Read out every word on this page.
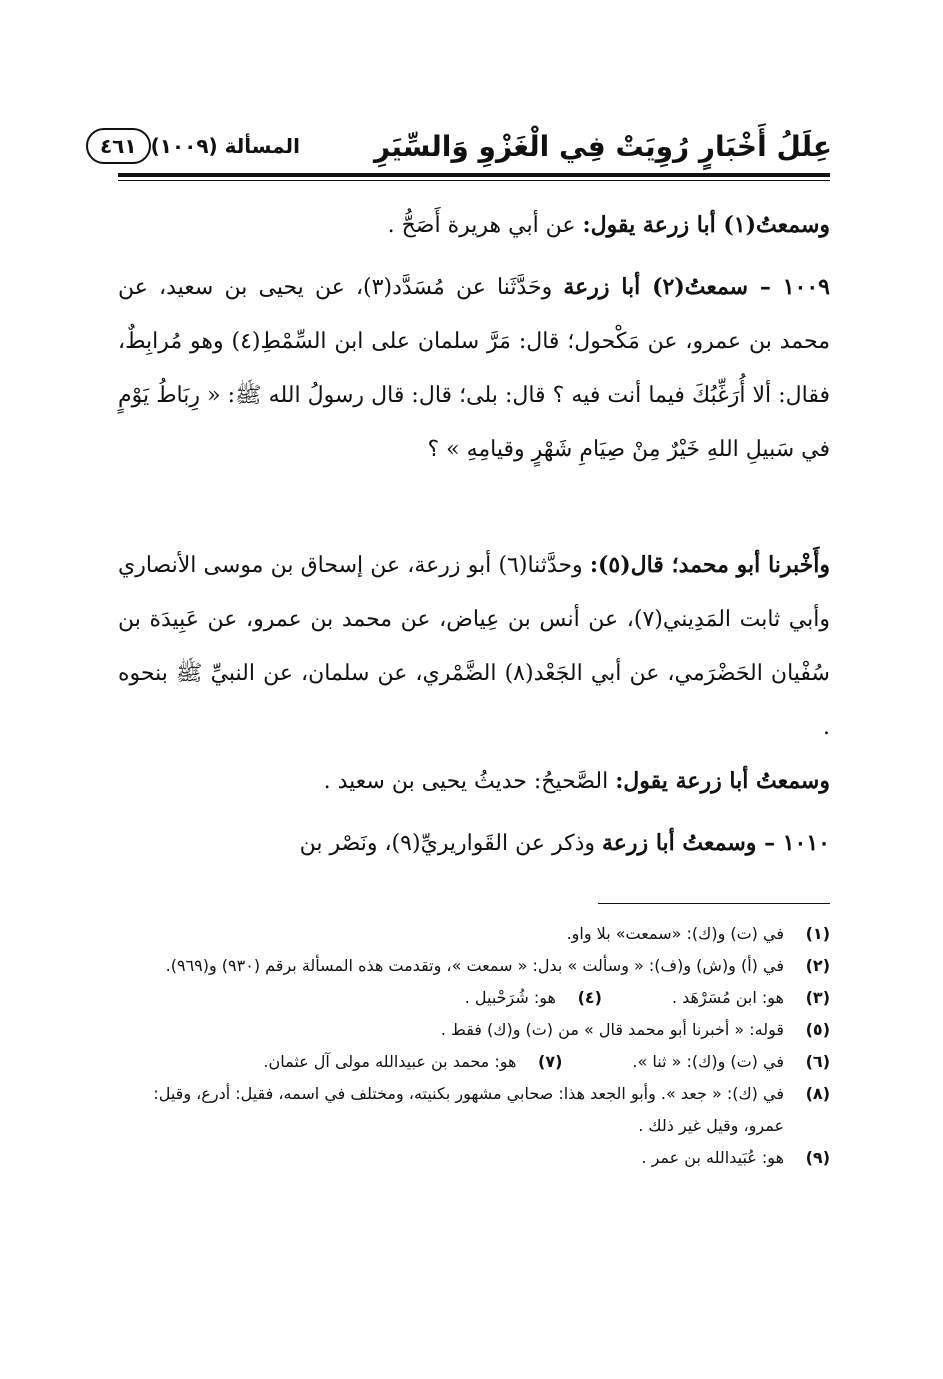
عِلَلُ أَخْبَارٍ رُوِيَتْ فِي الْغَزْوِ وَالسِّيَرِ
المسألة (١٠٠٩)
٤٦١
وسمعتُ(١) أبا زرعة يقول: عن أبي هريرة أَصَحُّ .
١٠٠٩ – سمعتُ(٢) أبا زرعة وحَدَّثَنا عن مُسَدَّد(٣)، عن يحيى بن سعيد، عن محمد بن عمرو، عن مَكْحول؛ قال: مَرَّ سلمان على ابن السِّمْطِ(٤) وهو مُرابِطٌ، فقال: ألا أُرَغِّبُكَ فيما أنت فيه ؟ قال: بلى؛ قال: قال رسولُ الله ﷺ: « رِبَاطُ يَوْمٍ في سَبيلِ اللهِ خَيْرٌ مِنْ صِيَامِ شَهْرٍ وقيامِهِ » ؟
وأَخْبرنا أبو محمد؛ قال(٥): وحدَّثنا(٦) أبو زرعة، عن إسحاق بن موسى الأنصاري وأبي ثابت المَدِيني(٧)، عن أنس بن عِياض، عن محمد بن عمرو، عن عَبِيدَة بن سُفْيان الحَضْرَمي، عن أبي الجَعْد(٨) الضَّمْري، عن سلمان، عن النبيِّ ﷺ بنحوه .
وسمعتُ أبا زرعة يقول: الصَّحيحُ: حديثُ يحيى بن سعيد .
١٠١٠ – وسمعتُ أبا زرعة وذكر عن القَواريريِّ(٩)، ونَصْر بن
(١)
في (ت) و(ك): «سمعت» بلا واو.
(٢)
في (أ) و(ش) و(ف): « وسألت » بدل: « سمعت »، وتقدمت هذه المسألة برقم (٩٣٠) و(٩٦٩).
(٣)
هو: ابن مُسَرْهَد .
(٤)
هو: شُرَحْبيل .
(٥)
قوله: « أخبرنا أبو محمد قال » من (ت) و(ك) فقط .
(٦)
في (ت) و(ك): « ثنا ».
(٧)
هو: محمد بن عبيدالله مولى آل عثمان.
(٨)
في (ك): « جعد ». وأبو الجعد هذا: صحابي مشهور بكنيته، ومختلف في اسمه، فقيل: أدرع، وقيل: عمرو، وقيل غير ذلك .
(٩)
هو: عُبَيدالله بن عمر .
